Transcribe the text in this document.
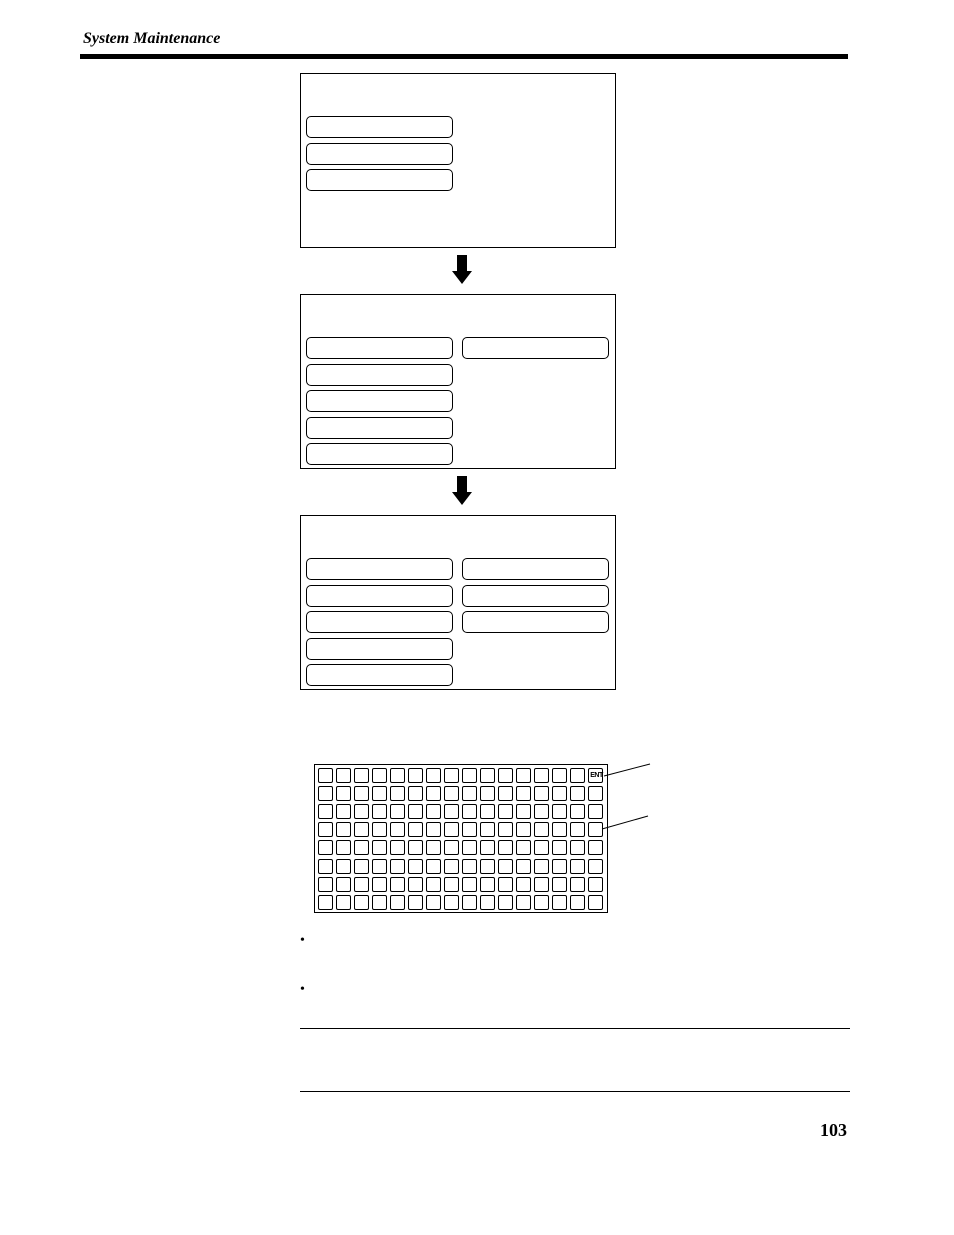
System Maintenance
ENT
•
•
103
